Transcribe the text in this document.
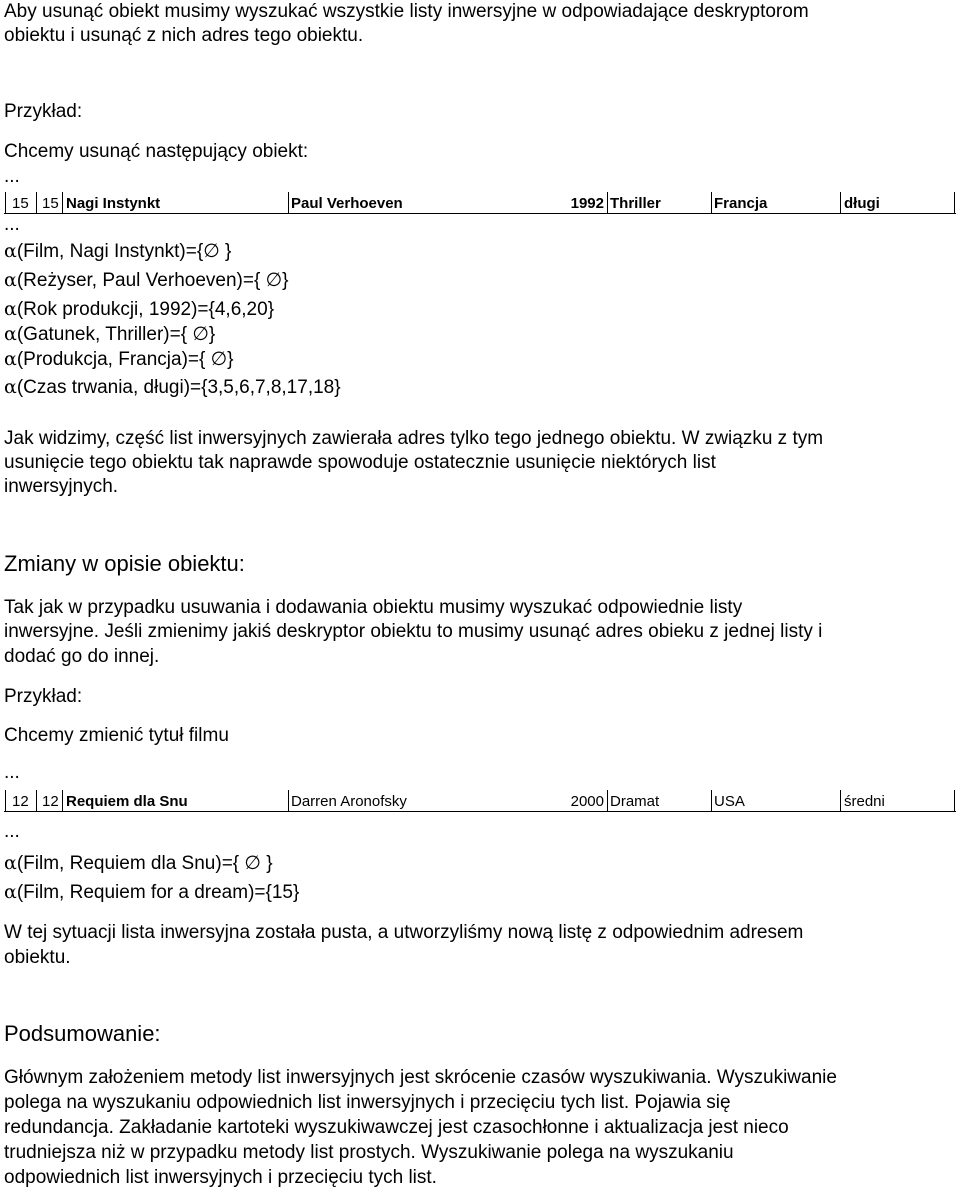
Aby usunąć obiekt musimy wyszukać wszystkie listy inwersyjne w odpowiadające deskryptorom
obiektu i usunąć z nich adres tego obiektu.
Przykład:
Chcemy usunąć następujący obiekt:
...
15 15 Nagi Instynkt	Paul Verhoeven	1992 Thriller	Francja	długi
...
α(Film, Nagi Instynkt)={∅ }
α(Reżyser, Paul Verhoeven)={ ∅}
α(Rok produkcji, 1992)={4,6,20}
α(Gatunek, Thriller)={ ∅}
α(Produkcja, Francja)={ ∅}
α(Czas trwania, długi)={3,5,6,7,8,17,18}
Jak widzimy, część list inwersyjnych zawierała adres tylko tego jednego obiektu. W związku z tym
usunięcie tego obiektu tak naprawde spowoduje ostatecznie usunięcie niektórych list
inwersyjnych.
Zmiany w opisie obiektu:
Tak jak w przypadku usuwania i dodawania obiektu musimy wyszukać odpowiednie listy
inwersyjne. Jeśli zmienimy jakiś deskryptor obiektu to musimy usunąć adres obieku z jednej listy i
dodać go do innej.
Przykład:
Chcemy zmienić tytuł filmu
...
12 12 Requiem dla Snu	Darren Aronofsky	2000 Dramat	USA	średni
...
α(Film, Requiem dla Snu)={ ∅ }
α(Film, Requiem for a dream)={15}
W tej sytuacji lista inwersyjna została pusta, a utworzyliśmy nową listę z odpowiednim adresem
obiektu.
Podsumowanie:
Głównym założeniem metody list inwersyjnych jest skrócenie czasów wyszukiwania. Wyszukiwanie
polega na wyszukaniu odpowiednich list inwersyjnych i przecięciu tych list. Pojawia się
redundancja. Zakładanie kartoteki wyszukiwawczej jest czasochłonne i aktualizacja jest nieco
trudniejsza niż w przypadku metody list prostych. Wyszukiwanie polega na wyszukaniu
odpowiednich list inwersyjnych i przecięciu tych list.
